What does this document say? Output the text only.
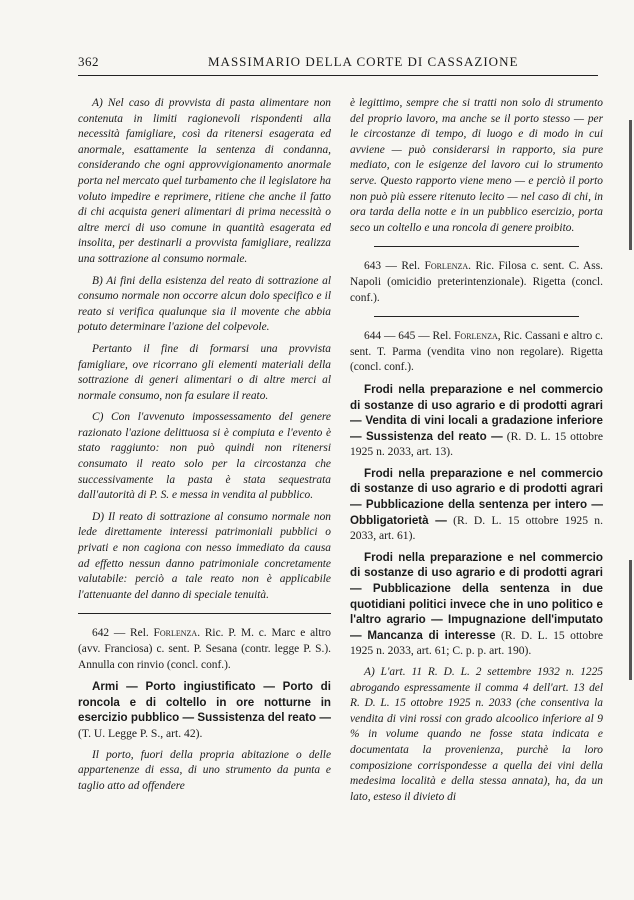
362	MASSIMARIO DELLA CORTE DI CASSAZIONE

A) Nel caso di provvista di pasta alimentare non contenuta in limiti ragionevoli rispondenti alla necessità famigliare, così da ritenersi esagerata ed anormale, esattamente la sentenza di condanna, considerando che ogni approvvigionamento anormale porta nel mercato quel turbamento che il legislatore ha voluto impedire e reprimere, ritiene che anche il fatto di chi acquista generi alimentari di prima necessità o altre merci di uso comune in quantità esagerata ed insolita, per destinarli a provvista famigliare, realizza una sottrazione al consumo normale.

B) Ai fini della esistenza del reato di sottrazione al consumo normale non occorre alcun dolo specifico e il reato si verifica qualunque sia il movente che abbia potuto determinare l'azione del colpevole.

Pertanto il fine di formarsi una provvista famigliare, ove ricorrano gli elementi materiali della sottrazione di generi alimentari o di altre merci al normale consumo, non fa esulare il reato.

C) Con l'avvenuto impossessamento del genere razionato l'azione delittuosa si è compiuta e l'evento è stato raggiunto: non può quindi non ritenersi consumato il reato solo per la circostanza che successivamente la pasta è stata sequestrata dall'autorità di P. S. e messa in vendita al pubblico.

D) Il reato di sottrazione al consumo normale non lede direttamente interessi patrimoniali pubblici o privati e non cagiona con nesso immediato da causa ad effetto nessun danno patrimoniale concretamente valutabile: perciò a tale reato non è applicabile l'attenuante del danno di speciale tenuità.

642 — Rel. Forlenza. Ric. P. M. c. Marc e altro (avv. Franciosa) c. sent. P. Sesana (contr. legge P. S.). Annulla con rinvio (concl. conf.).

Armi — Porto ingiustificato — Porto di roncola e di coltello in ore notturne in esercizio pubblico — Sussistenza del reato — (T. U. Legge P. S., art. 42).

Il porto, fuori della propria abitazione o delle appartenenze di essa, di uno strumento da punta e taglio atto ad offendere

è legittimo, sempre che si tratti non solo di strumento del proprio lavoro, ma anche se il porto stesso — per le circostanze di tempo, di luogo e di modo in cui avviene — può considerarsi in rapporto, sia pure mediato, con le esigenze del lavoro cui lo strumento serve. Questo rapporto viene meno — e perciò il porto non può più essere ritenuto lecito — nel caso di chi, in ora tarda della notte e in un pubblico esercizio, porta seco un coltello e una roncola di genere proibito.

643 — Rel. Forlenza. Ric. Filosa c. sent. C. Ass. Napoli (omicidio preterintenzionale). Rigetta (concl. conf.).

644 — 645 — Rel. Forlenza, Ric. Cassani e altro c. sent. T. Parma (vendita vino non regolare). Rigetta (concl. conf.).

Frodi nella preparazione e nel commercio di sostanze di uso agrario e di prodotti agrari — Vendita di vini locali a gradazione inferiore — Sussistenza del reato — (R. D. L. 15 ottobre 1925 n. 2033, art. 13).

Frodi nella preparazione e nel commercio di sostanze di uso agrario e di prodotti agrari — Pubblicazione della sentenza per intero — Obbligatorietà — (R. D. L. 15 ottobre 1925 n. 2033, art. 61).

Frodi nella preparazione e nel commercio di sostanze di uso agrario e di prodotti agrari — Pubblicazione della sentenza in due quotidiani politici invece che in uno politico e l'altro agrario — Impugnazione dell'imputato — Mancanza di interesse (R. D. L. 15 ottobre 1925 n. 2033, art. 61; C. p. p. art. 190).

A) L'art. 11 R. D. L. 2 settembre 1932 n. 1225 abrogando espressamente il comma 4 dell'art. 13 del R. D. L. 15 ottobre 1925 n. 2033 (che consentiva la vendita di vini rossi con grado alcoolico inferiore al 9 % in volume quando ne fosse stata indicata e documentata la provenienza, purchè la loro composizione corrispondesse a quella dei vini della medesima località e della stessa annata), ha, da un lato, esteso il divieto di
